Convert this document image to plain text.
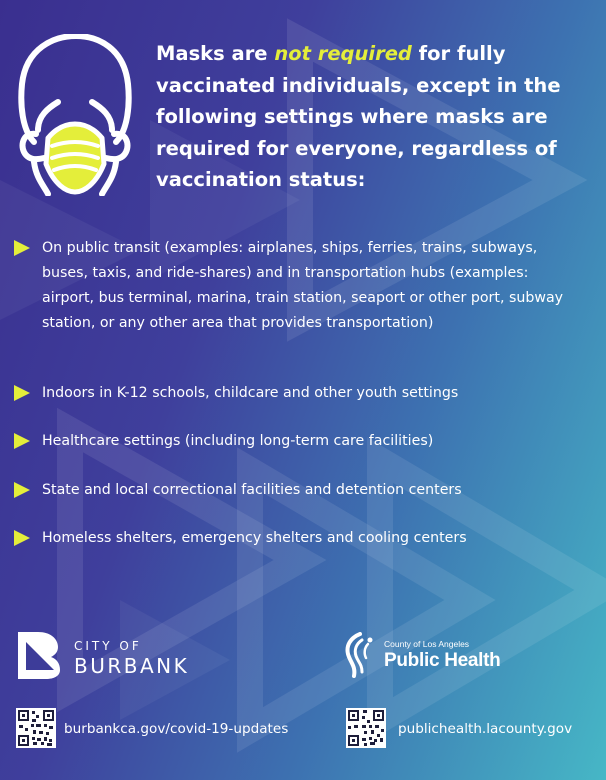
Masks are not required for fully vaccinated individuals, except in the following settings where masks are required for everyone, regardless of vaccination status:

On public transit (examples: airplanes, ships, ferries, trains, subways, buses, taxis, and ride-shares) and in transportation hubs (examples: airport, bus terminal, marina, train station, seaport or other port, subway station, or any other area that provides transportation)

Indoors in K-12 schools, childcare and other youth settings

Healthcare settings (including long-term care facilities)

State and local correctional facilities and detention centers

Homeless shelters, emergency shelters and cooling centers

CITY OF
BURBANK
County of Los Angeles
Public Health
burbankca.gov/covid-19-updates	publichealth.lacounty.gov
